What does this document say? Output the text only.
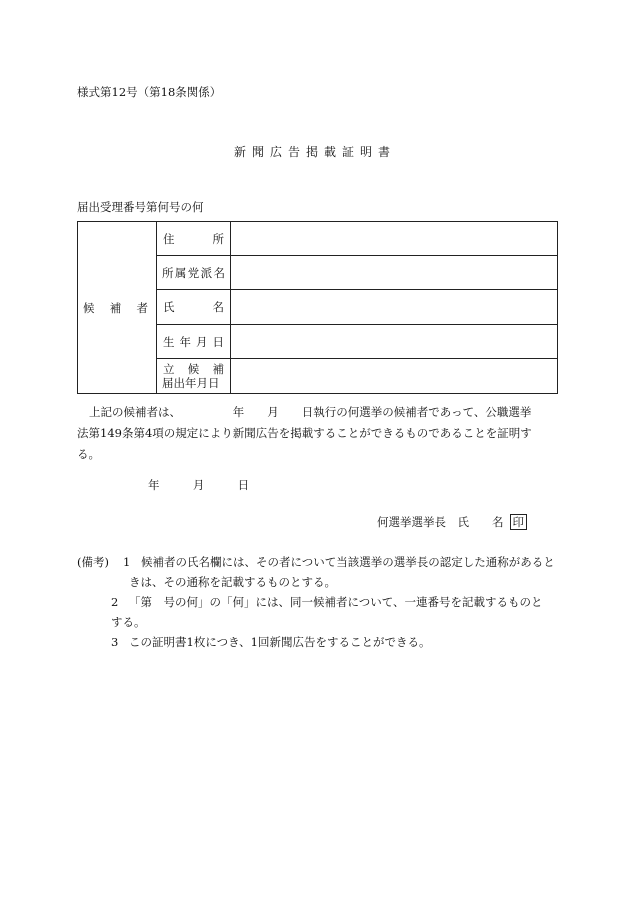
様式第12号（第18条関係）
新聞広告掲載証明書
届出受理番号第何号の何
候 補 者	住 所	

	所 属 党 派 名	

	氏 名	

	生 年 月 日	

	立 候 補
届出年月日	

上記の候補者は、　　　　　年　　月　　日執行の何選挙の候補者であって、公職選挙

法第149条第4項の規定により新聞広告を掲載することができるものであることを証明す

る。

年	月	日
何選挙選挙長　氏　　名 印
(備考)	1 候補者の氏名欄には、その者について当該選挙の選挙長の認定した通称があると
きは、その通称を記載するものとする。
2 「第　号の何」の「何」には、同一候補者について、一連番号を記載するものと
する。
3 この証明書1枚につき、1回新聞広告をすることができる。
